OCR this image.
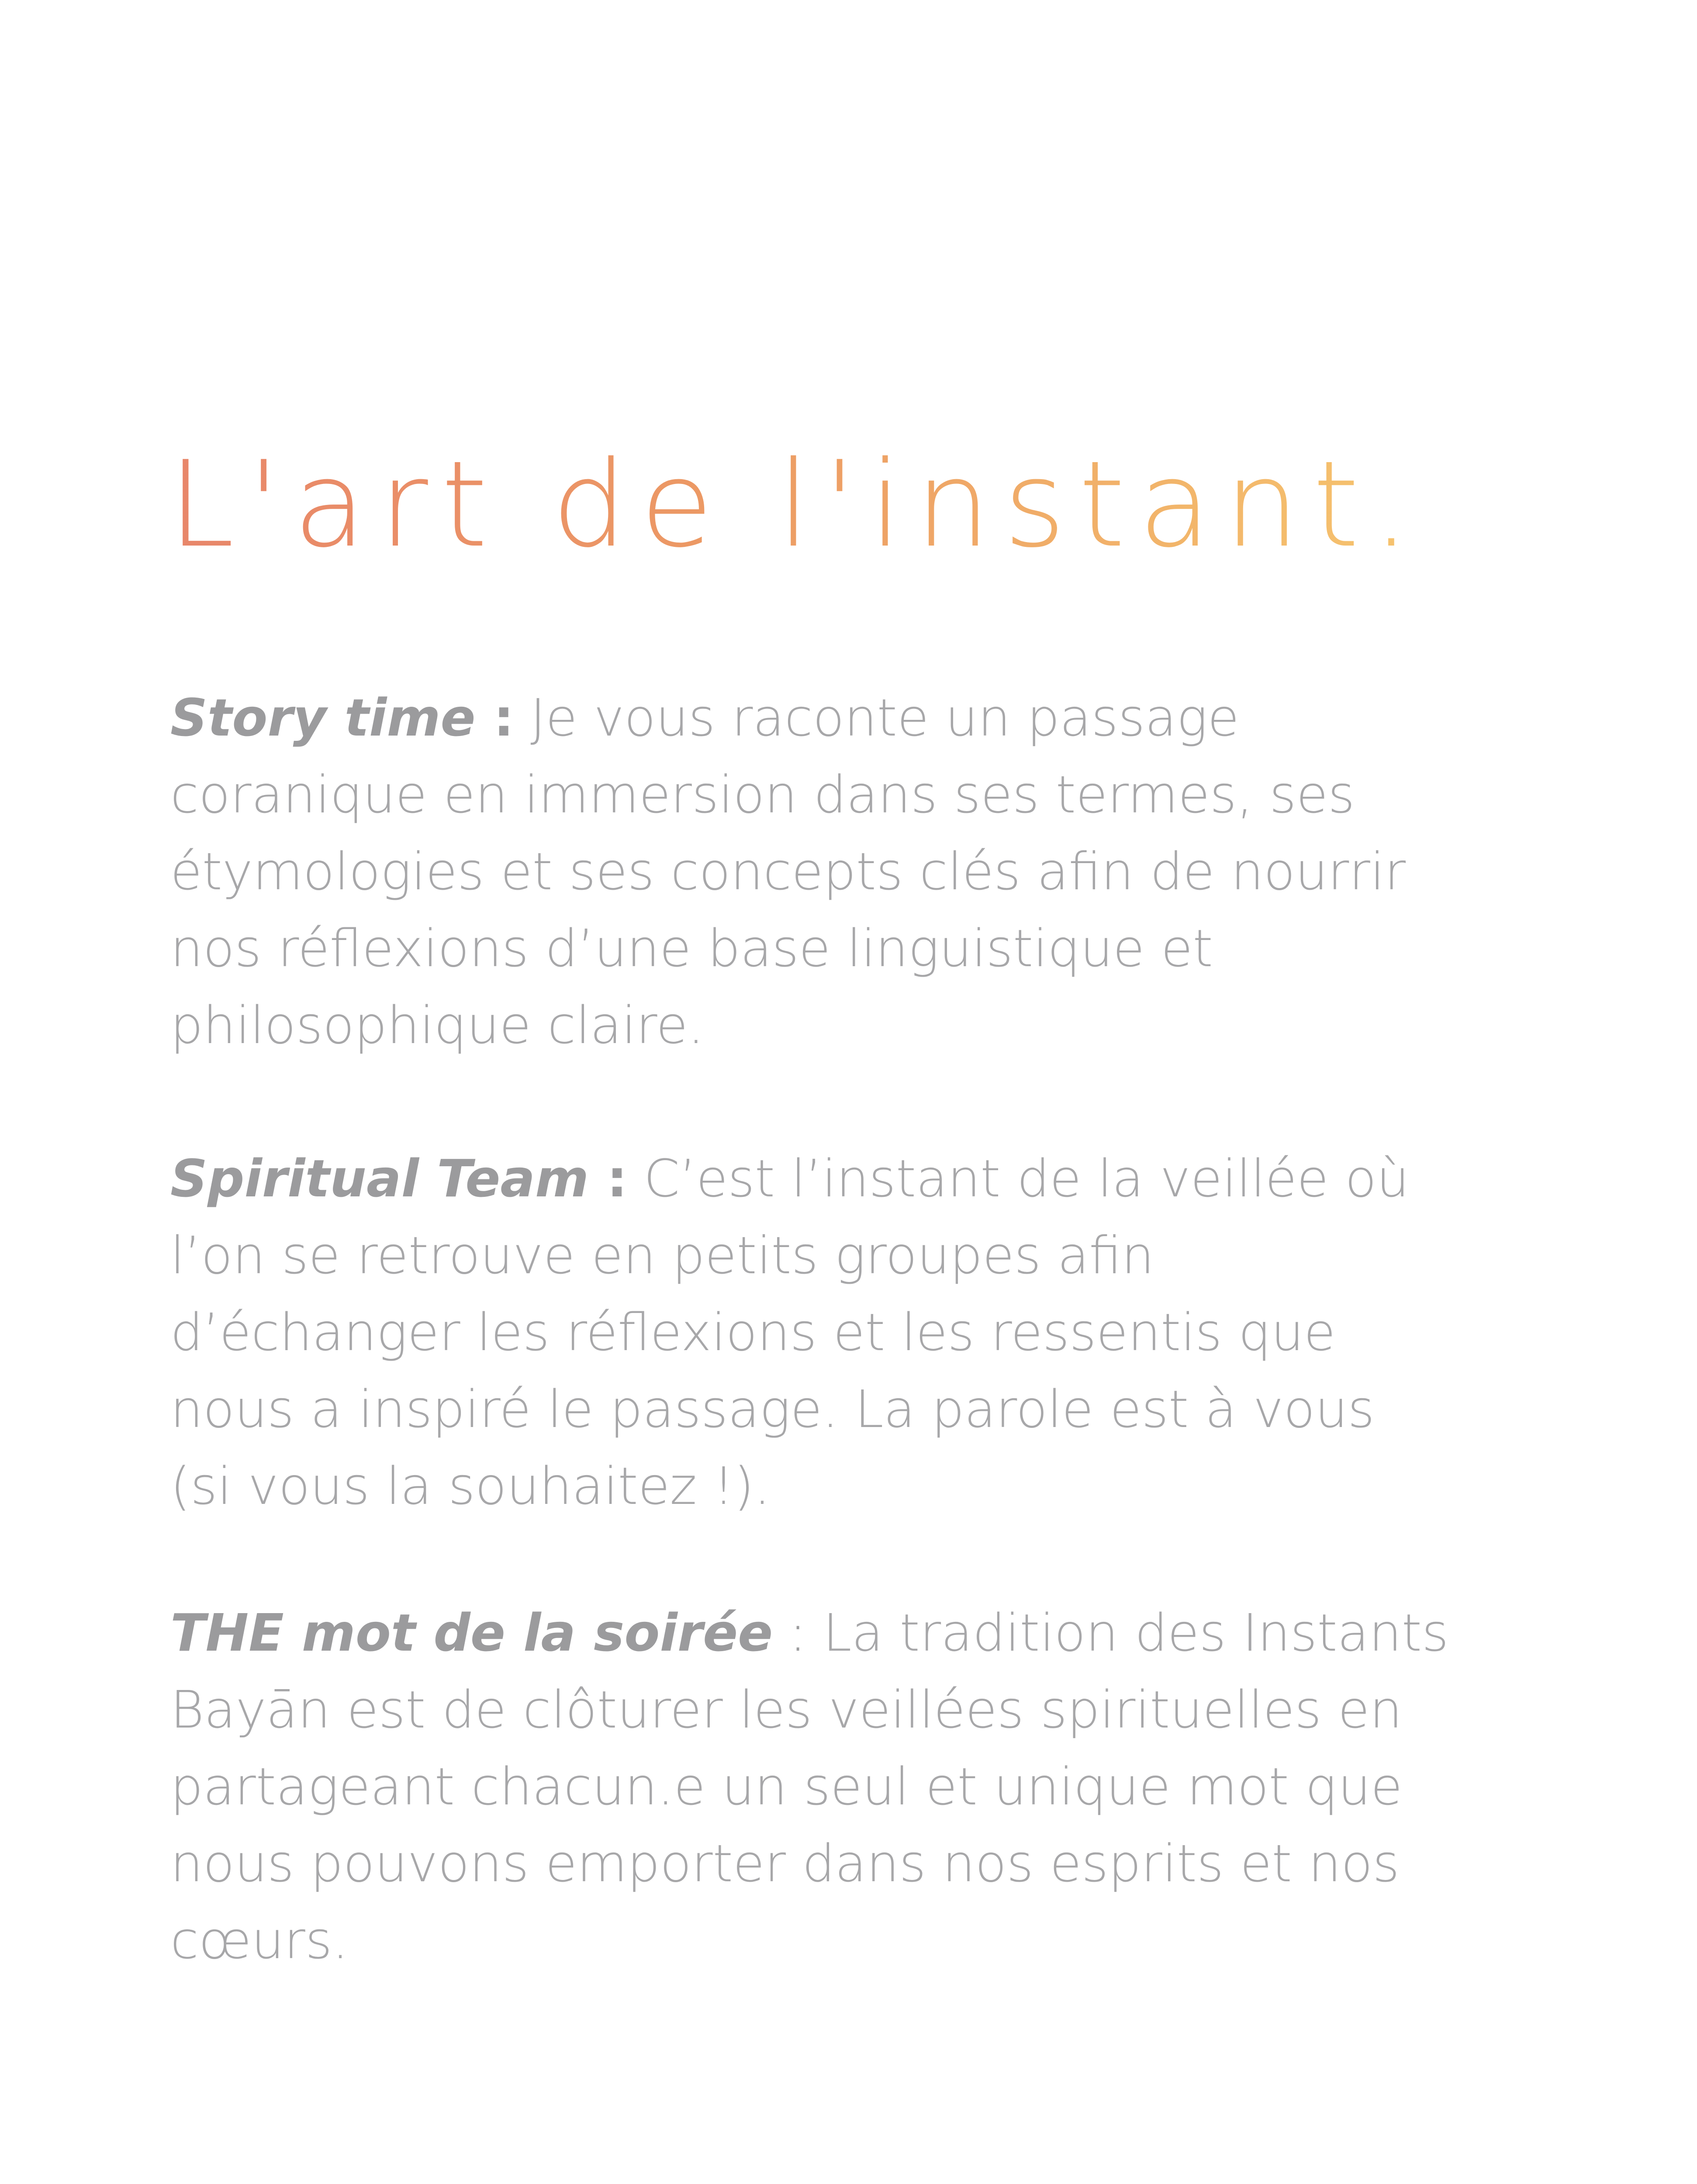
L'art de l'instant.

Story time : Je vous raconte un passage
coranique en immersion dans ses termes, ses
étymologies et ses concepts clés afin de nourrir
nos réflexions d’une base linguistique et
philosophique claire.

Spiritual Team : C’est l’instant de la veillée où
l’on se retrouve en petits groupes afin
d’échanger les réflexions et les ressentis que
nous a inspiré le passage. La parole est à vous
(si vous la souhaitez !).

THE mot de la soirée : La tradition des Instants
Bayān est de clôturer les veillées spirituelles en
partageant chacun.e un seul et unique mot que
nous pouvons emporter dans nos esprits et nos
cœurs.
